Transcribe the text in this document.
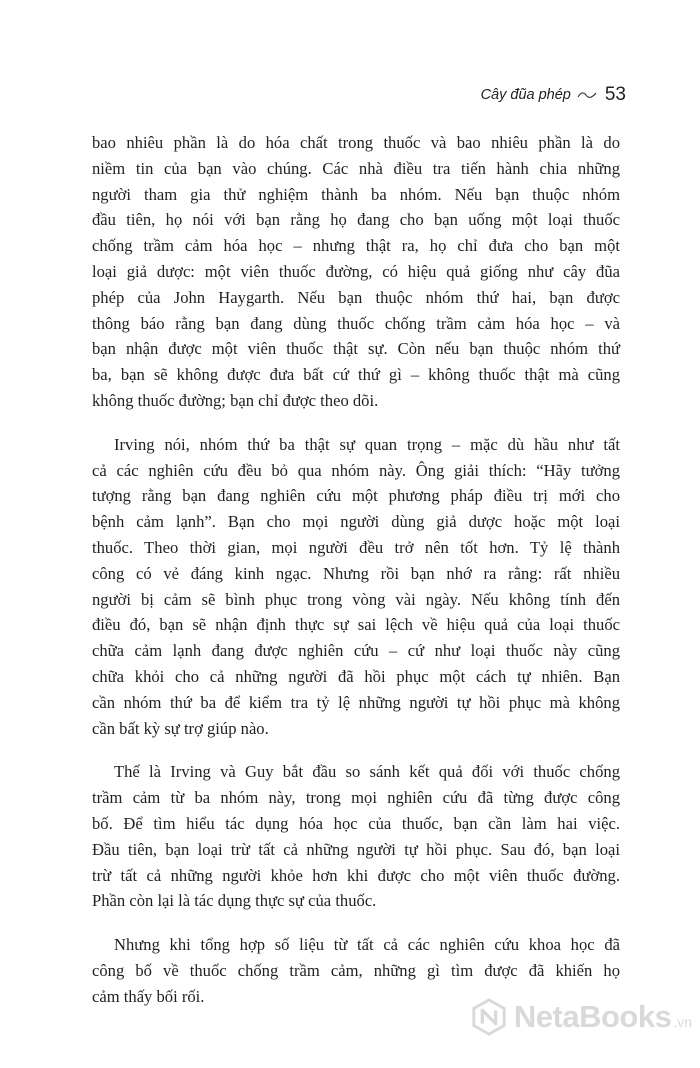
Cây đũa phép 53

bao nhiêu phần là do hóa chất trong thuốc và bao nhiêu phần là do
niềm tin của bạn vào chúng. Các nhà điều tra tiến hành chia những
người tham gia thử nghiệm thành ba nhóm. Nếu bạn thuộc nhóm
đầu tiên, họ nói với bạn rằng họ đang cho bạn uống một loại thuốc
chống trầm cảm hóa học – nhưng thật ra, họ chỉ đưa cho bạn một
loại giả dược: một viên thuốc đường, có hiệu quả giống như cây đũa
phép của John Haygarth. Nếu bạn thuộc nhóm thứ hai, bạn được
thông báo rằng bạn đang dùng thuốc chống trầm cảm hóa học – và
bạn nhận được một viên thuốc thật sự. Còn nếu bạn thuộc nhóm thứ
ba, bạn sẽ không được đưa bất cứ thứ gì – không thuốc thật mà cũng
không thuốc đường; bạn chỉ được theo dõi.

Irving nói, nhóm thứ ba thật sự quan trọng – mặc dù hầu như tất
cả các nghiên cứu đều bỏ qua nhóm này. Ông giải thích: “Hãy tưởng
tượng rằng bạn đang nghiên cứu một phương pháp điều trị mới cho
bệnh cảm lạnh”. Bạn cho mọi người dùng giả dược hoặc một loại
thuốc. Theo thời gian, mọi người đều trở nên tốt hơn. Tỷ lệ thành
công có vẻ đáng kinh ngạc. Nhưng rồi bạn nhớ ra rằng: rất nhiều
người bị cảm sẽ bình phục trong vòng vài ngày. Nếu không tính đến
điều đó, bạn sẽ nhận định thực sự sai lệch về hiệu quả của loại thuốc
chữa cảm lạnh đang được nghiên cứu – cứ như loại thuốc này cũng
chữa khỏi cho cả những người đã hồi phục một cách tự nhiên. Bạn
cần nhóm thứ ba để kiểm tra tỷ lệ những người tự hồi phục mà không
cần bất kỳ sự trợ giúp nào.

Thế là Irving và Guy bắt đầu so sánh kết quả đối với thuốc chống
trầm cảm từ ba nhóm này, trong mọi nghiên cứu đã từng được công
bố. Để tìm hiểu tác dụng hóa học của thuốc, bạn cần làm hai việc.
Đầu tiên, bạn loại trừ tất cả những người tự hồi phục. Sau đó, bạn loại
trừ tất cả những người khỏe hơn khi được cho một viên thuốc đường.
Phần còn lại là tác dụng thực sự của thuốc.

Nhưng khi tổng hợp số liệu từ tất cả các nghiên cứu khoa học đã
công bố về thuốc chống trầm cảm, những gì tìm được đã khiến họ
cảm thấy bối rối.

NetaBooks .vn
